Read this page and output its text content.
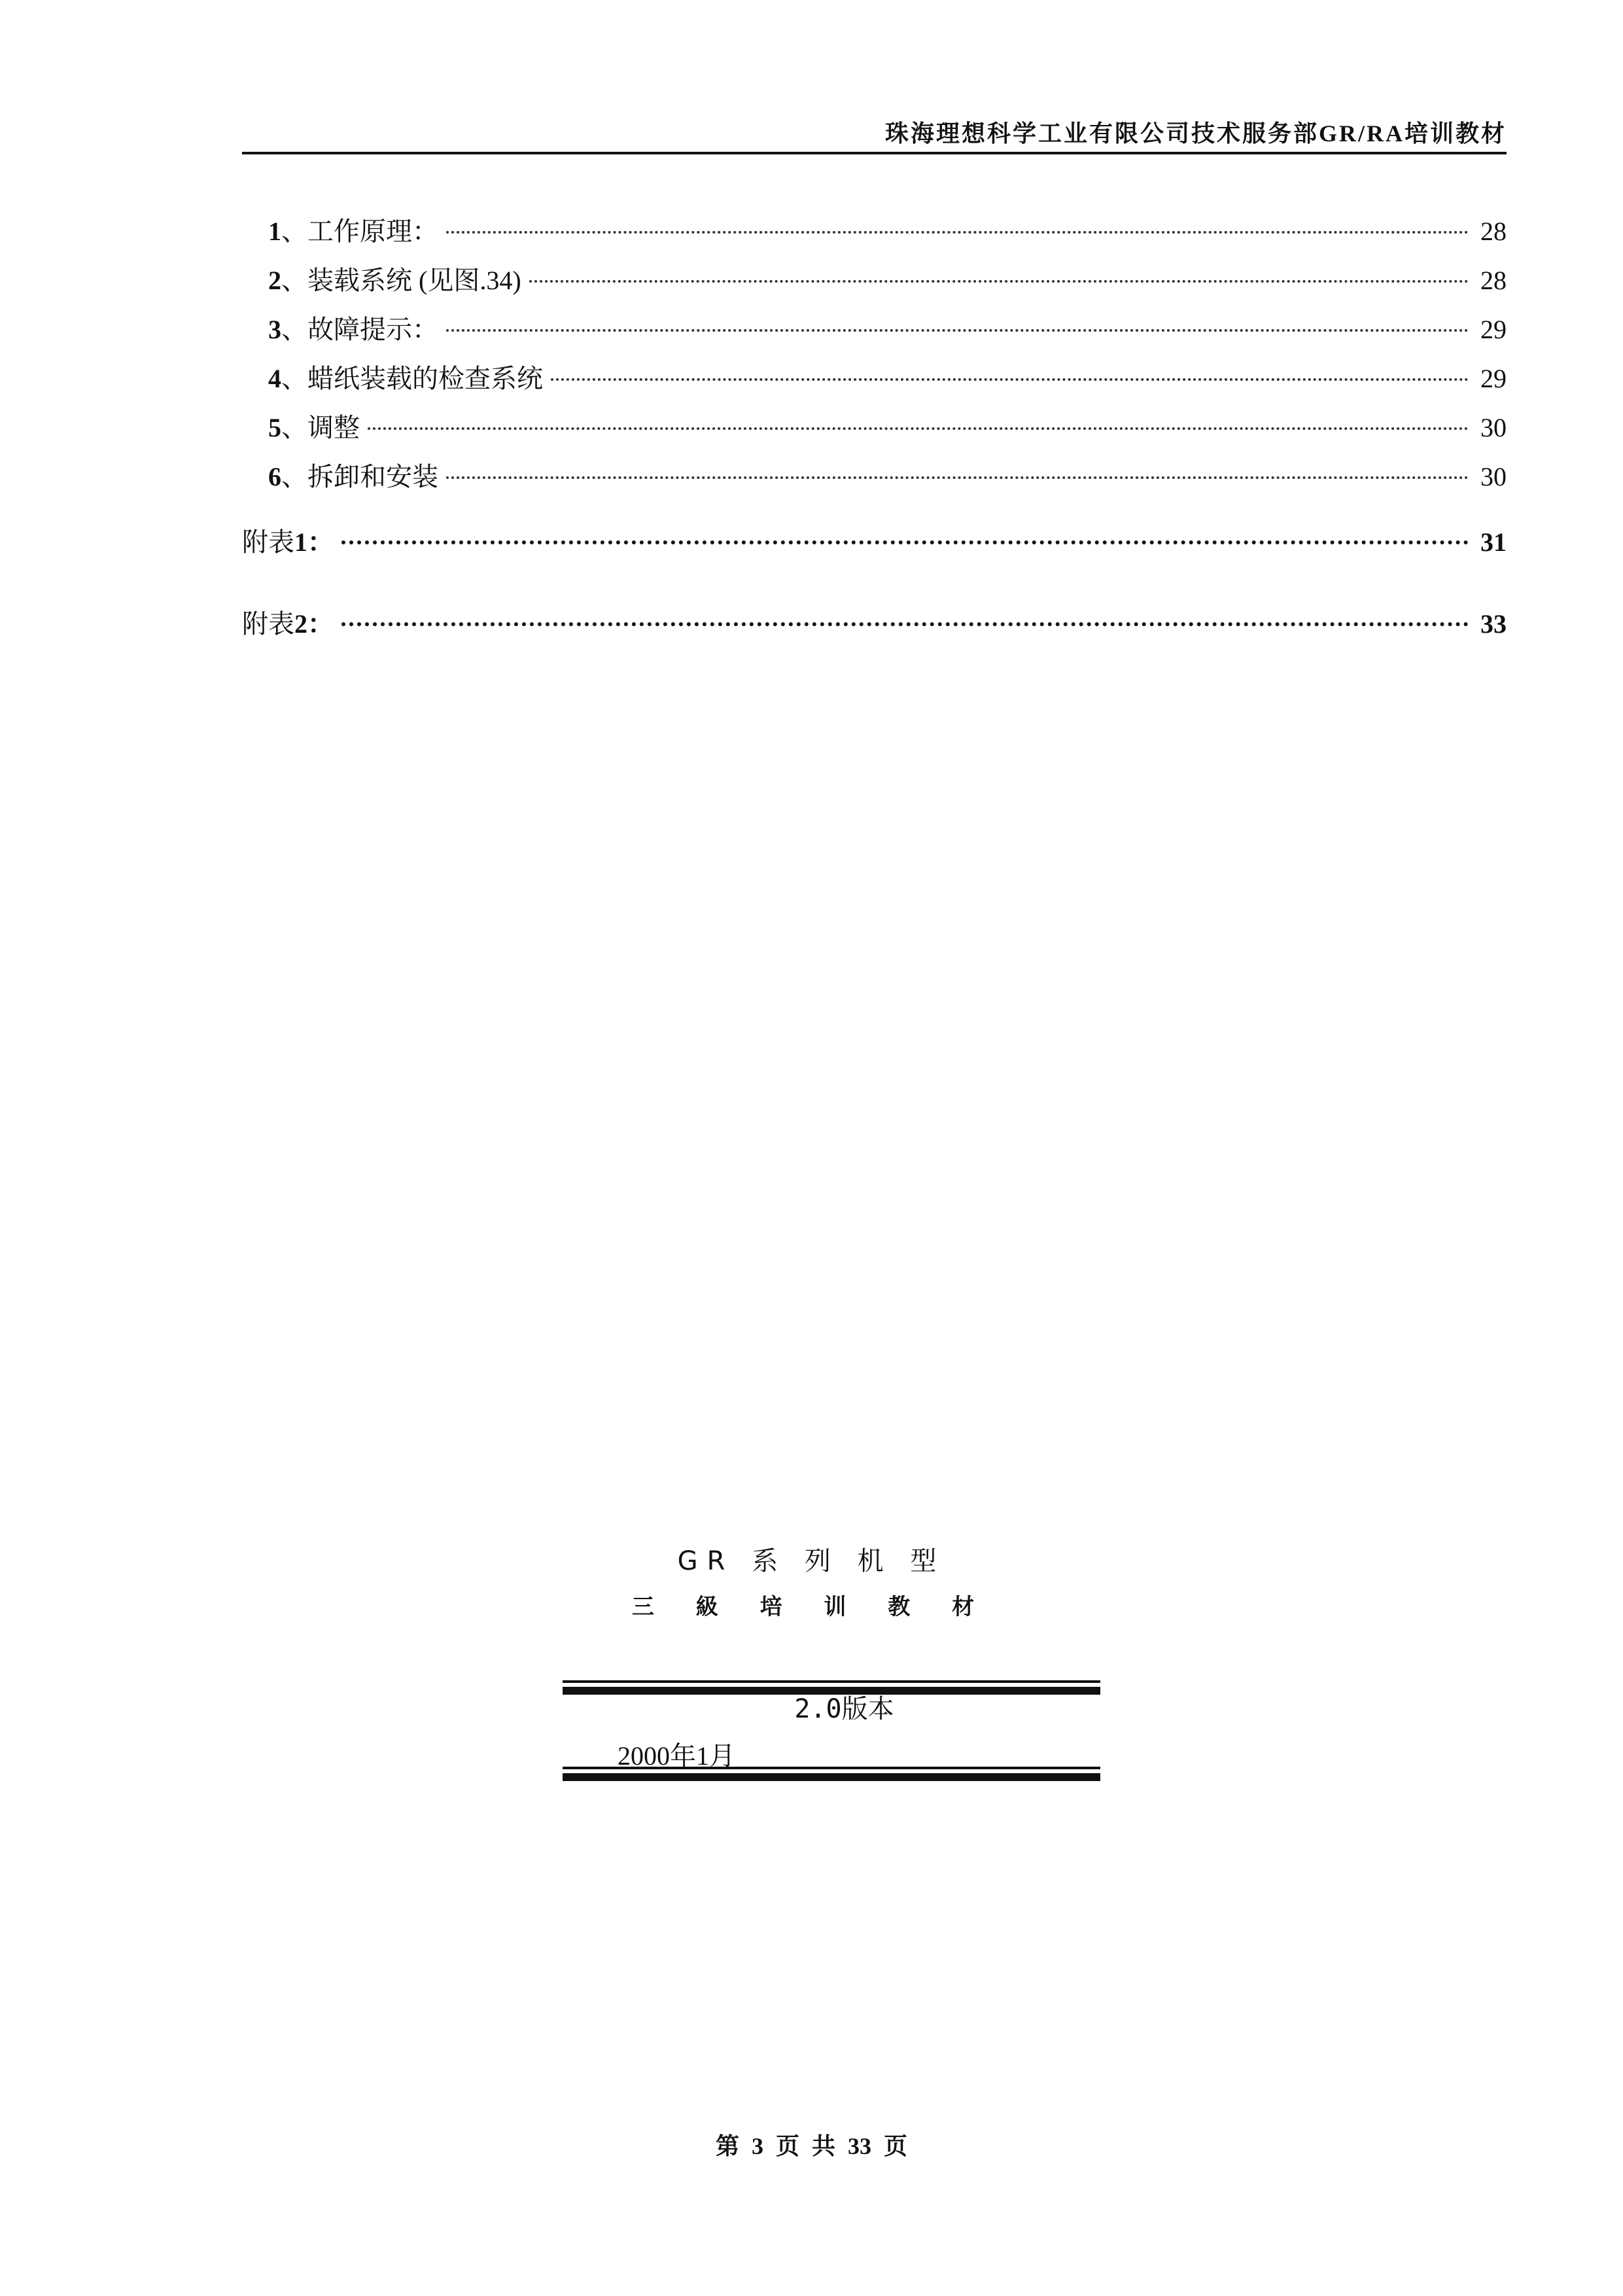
珠海理想科学工业有限公司技术服务部GR/RA培训教材
1 、工作原理：	28
2 、装载系统 (见图.34)	28
3 、故障提示：	29
4 、蜡纸装载的检查系统	29
5 、调整	30
6 、拆卸和安装	30
附表 1：	31
附表 2：	33
GR 系 列 机 型
三 級 培 训 教 材
2.0版本
2000年1月
第 3 页 共 33 页
